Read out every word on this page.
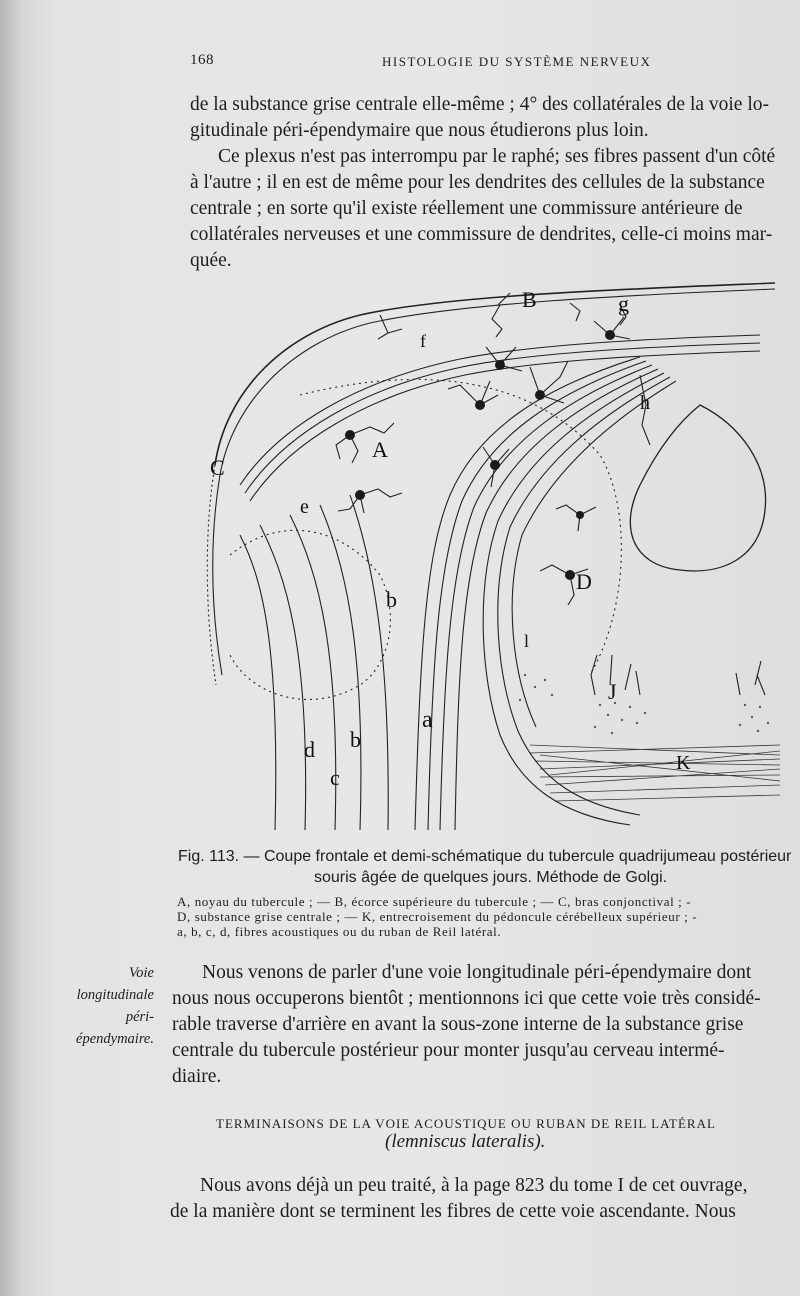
168	HISTOLOGIE DU SYSTÈME NERVEUX
de la substance grise centrale elle-même ; 4° des collatérales de la voie lo-
gitudinale péri-épendymaire que nous étudierons plus loin.
Ce plexus n'est pas interrompu par le raphé; ses fibres passent d'un côté
à l'autre ; il en est de même pour les dendrites des cellules de la substance
centrale ; en sorte qu'il existe réellement une commissure antérieure de
collatérales nerveuses et une commissure de dendrites, celle-ci moins mar-
quée.
B	g
f
h
A
C
e
D
b
l
J
a
b
d
c
K
Fig. 113. — Coupe frontale et demi-schématique du tubercule quadrijumeau postérieur
souris âgée de quelques jours. Méthode de Golgi.
A, noyau du tubercule ; — B, écorce supérieure du tubercule ; — C, bras conjonctival ; -
D, substance grise centrale ; — K, entrecroisement du pédoncule cérébelleux supérieur ; -
a, b, c, d, fibres acoustiques ou du ruban de Reil latéral.
Voie longitudinale péri-épendymaire.
Nous venons de parler d'une voie longitudinale péri-épendymaire dont
nous nous occuperons bientôt ; mentionnons ici que cette voie très considé-
rable traverse d'arrière en avant la sous-zone interne de la substance grise
centrale du tubercule postérieur pour monter jusqu'au cerveau intermé-
diaire.
TERMINAISONS DE LA VOIE ACOUSTIQUE OU RUBAN DE REIL LATÉRAL
(lemniscus lateralis).
Nous avons déjà un peu traité, à la page 823 du tome I de cet ouvrage,
de la manière dont se terminent les fibres de cette voie ascendante. Nous
